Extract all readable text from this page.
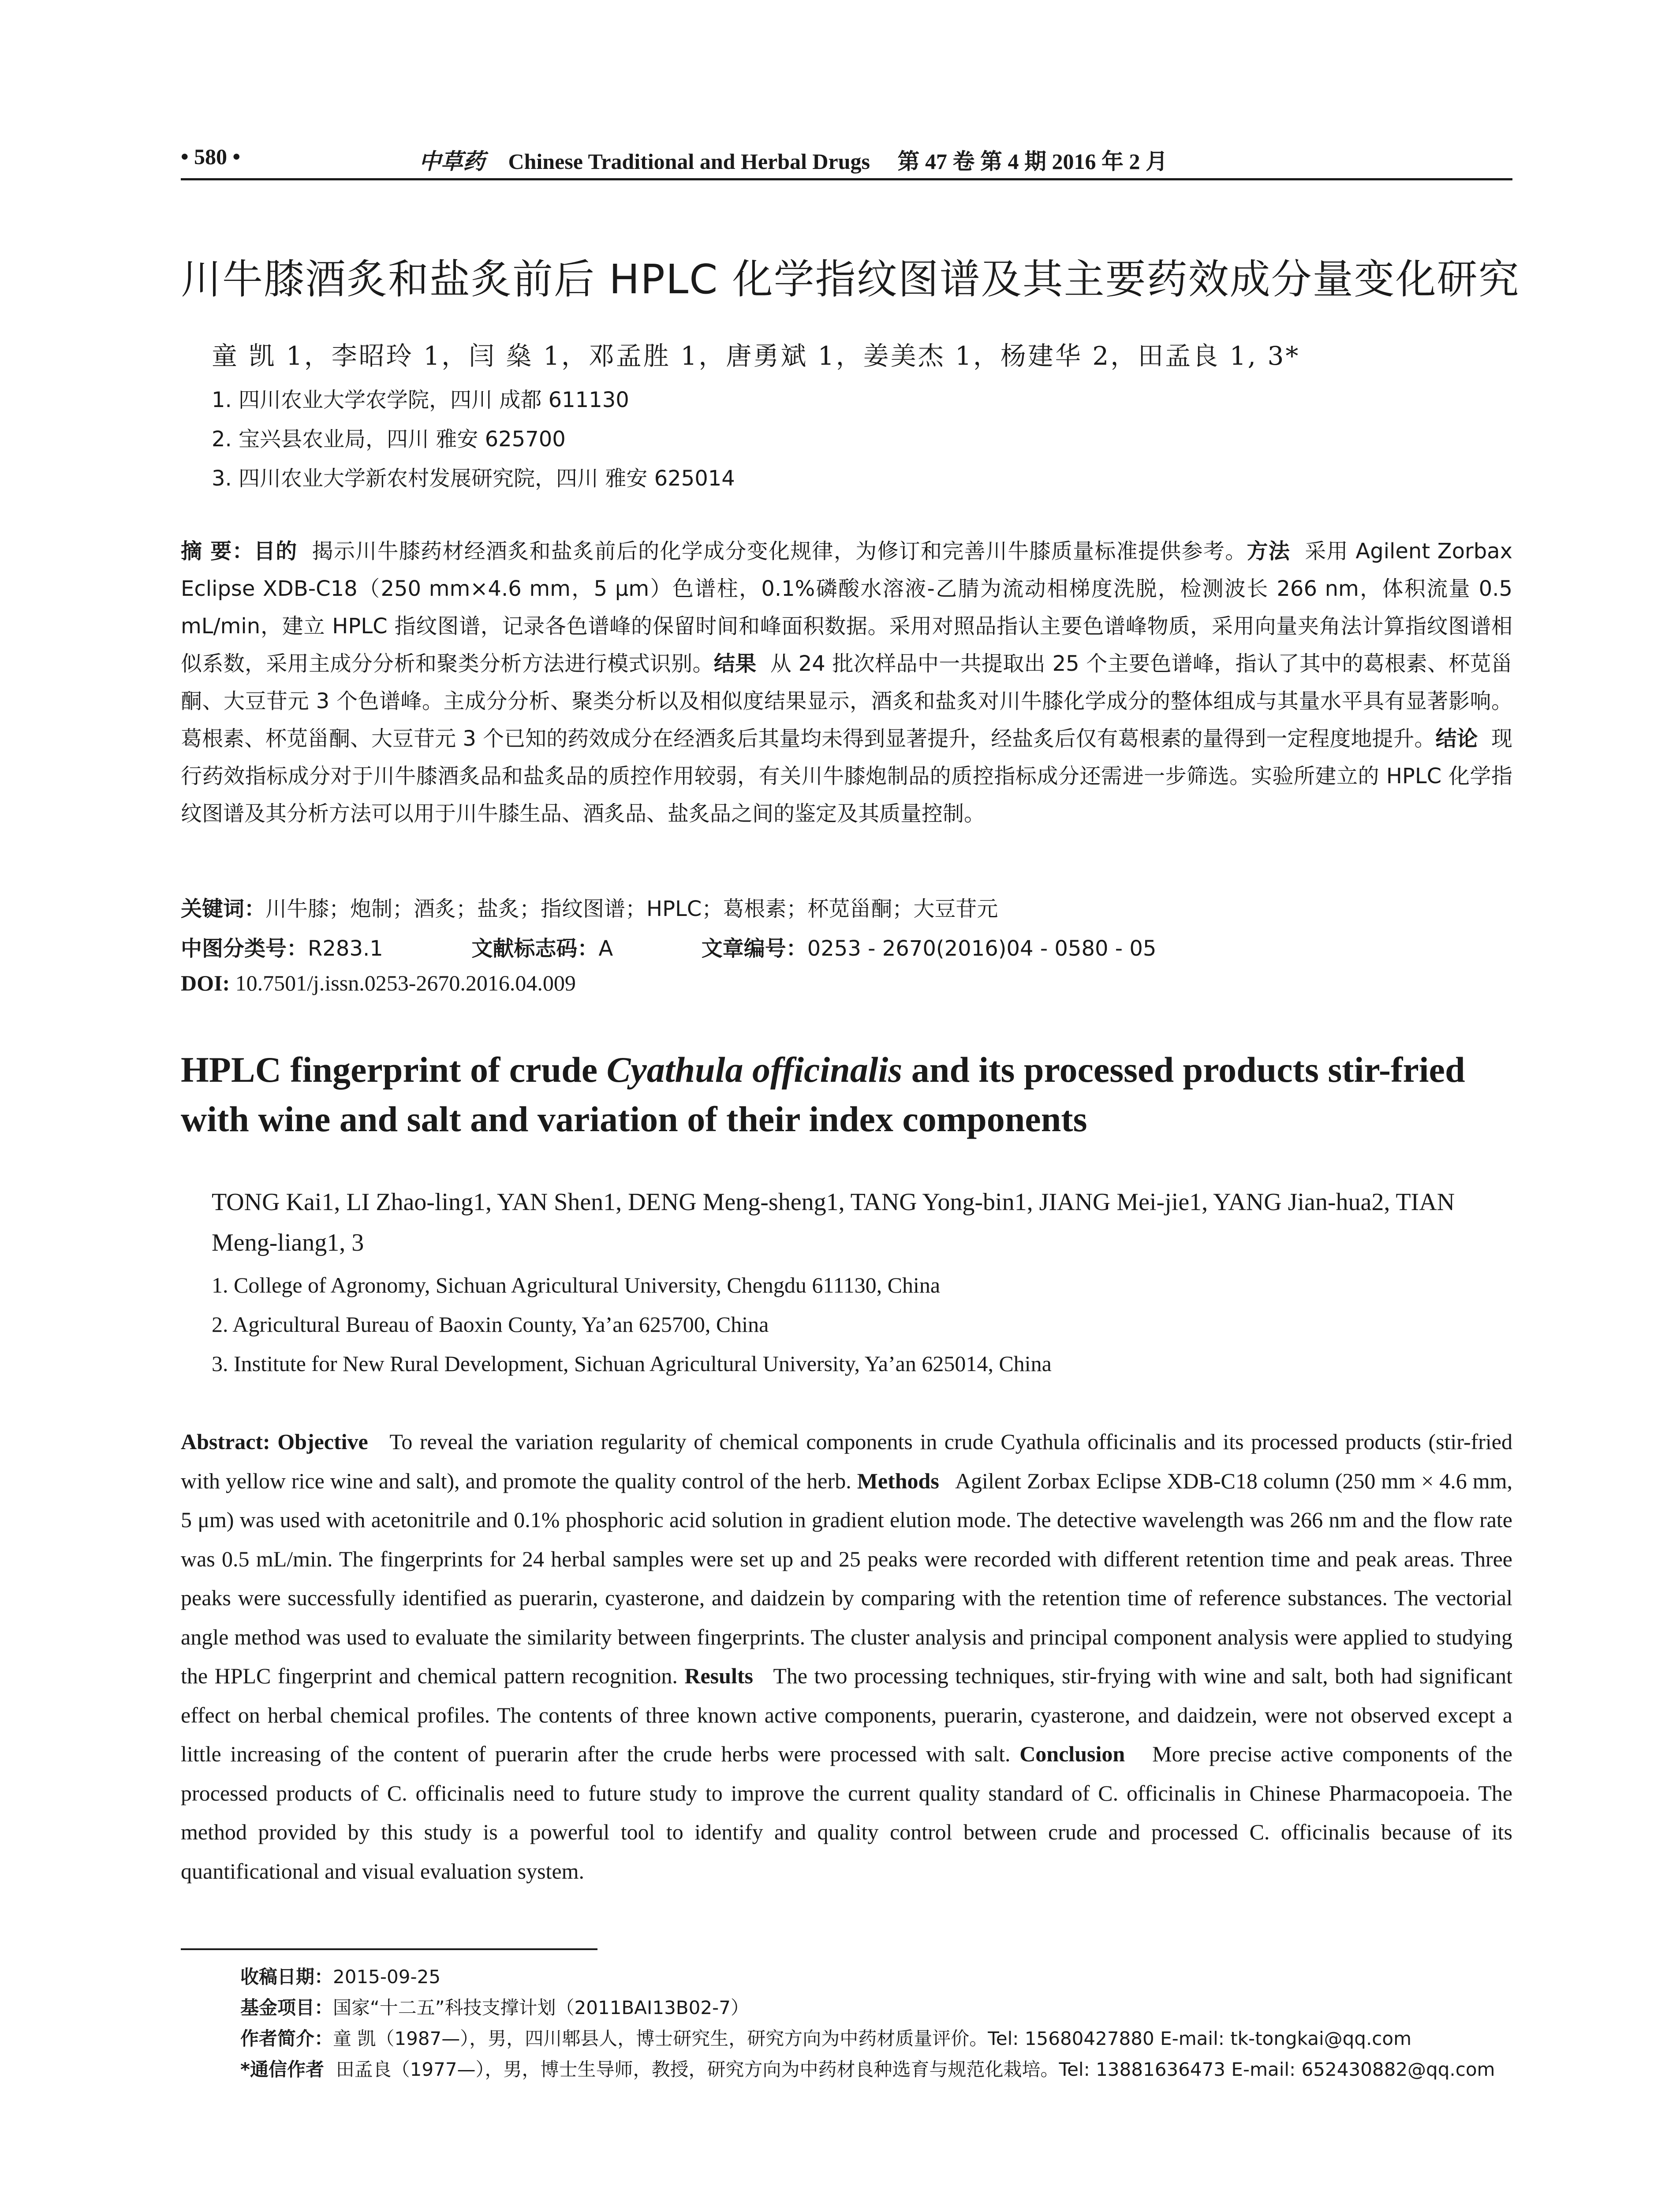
• 580 •	中草药 Chinese Traditional and Herbal Drugs 第 47 卷 第 4 期 2016 年 2 月
川牛膝酒炙和盐炙前后 HPLC 化学指纹图谱及其主要药效成分量变化研究
童 凯 1，李昭玲 1，闫 燊 1，邓孟胜 1，唐勇斌 1，姜美杰 1，杨建华 2，田孟良 1, 3*
1. 四川农业大学农学院，四川 成都 611130
2. 宝兴县农业局，四川 雅安 625700
3. 四川农业大学新农村发展研究院，四川 雅安 625014
摘 要：目的 揭示川牛膝药材经酒炙和盐炙前后的化学成分变化规律，为修订和完善川牛膝质量标准提供参考。方法 采用 Agilent Zorbax Eclipse XDB-C18（250 mm×4.6 mm，5 μm）色谱柱，0.1%磷酸水溶液-乙腈为流动相梯度洗脱，检测波长 266 nm，体积流量 0.5 mL/min，建立 HPLC 指纹图谱，记录各色谱峰的保留时间和峰面积数据。采用对照品指认主要色谱峰物质，采用向量夹角法计算指纹图谱相似系数，采用主成分分析和聚类分析方法进行模式识别。结果 从 24 批次样品中一共提取出 25 个主要色谱峰，指认了其中的葛根素、杯苋甾酮、大豆苷元 3 个色谱峰。主成分分析、聚类分析以及相似度结果显示，酒炙和盐炙对川牛膝化学成分的整体组成与其量水平具有显著影响。葛根素、杯苋甾酮、大豆苷元 3 个已知的药效成分在经酒炙后其量均未得到显著提升，经盐炙后仅有葛根素的量得到一定程度地提升。结论 现行药效指标成分对于川牛膝酒炙品和盐炙品的质控作用较弱，有关川牛膝炮制品的质控指标成分还需进一步筛选。实验所建立的 HPLC 化学指纹图谱及其分析方法可以用于川牛膝生品、酒炙品、盐炙品之间的鉴定及其质量控制。
关键词：川牛膝；炮制；酒炙；盐炙；指纹图谱；HPLC；葛根素；杯苋甾酮；大豆苷元
中图分类号：R283.1	文献标志码：A	文章编号：0253 - 2670(2016)04 - 0580 - 05
DOI: 10.7501/j.issn.0253-2670.2016.04.009
HPLC fingerprint of crude Cyathula officinalis and its processed products stir-fried with wine and salt and variation of their index components
TONG Kai1, LI Zhao-ling1, YAN Shen1, DENG Meng-sheng1, TANG Yong-bin1, JIANG Mei-jie1, YANG Jian-hua2, TIAN Meng-liang1, 3
1. College of Agronomy, Sichuan Agricultural University, Chengdu 611130, China
2. Agricultural Bureau of Baoxin County, Ya’an 625700, China
3. Institute for New Rural Development, Sichuan Agricultural University, Ya’an 625014, China
Abstract: Objective To reveal the variation regularity of chemical components in crude Cyathula officinalis and its processed products (stir-fried with yellow rice wine and salt), and promote the quality control of the herb. Methods Agilent Zorbax Eclipse XDB-C18 column (250 mm × 4.6 mm, 5 μm) was used with acetonitrile and 0.1% phosphoric acid solution in gradient elution mode. The detective wavelength was 266 nm and the flow rate was 0.5 mL/min. The fingerprints for 24 herbal samples were set up and 25 peaks were recorded with different retention time and peak areas. Three peaks were successfully identified as puerarin, cyasterone, and daidzein by comparing with the retention time of reference substances. The vectorial angle method was used to evaluate the similarity between fingerprints. The cluster analysis and principal component analysis were applied to studying the HPLC fingerprint and chemical pattern recognition. Results The two processing techniques, stir-frying with wine and salt, both had significant effect on herbal chemical profiles. The contents of three known active components, puerarin, cyasterone, and daidzein, were not observed except a little increasing of the content of puerarin after the crude herbs were processed with salt. Conclusion More precise active components of the processed products of C. officinalis need to future study to improve the current quality standard of C. officinalis in Chinese Pharmacopoeia. The method provided by this study is a powerful tool to identify and quality control between crude and processed C. officinalis because of its quantificational and visual evaluation system.
收稿日期：2015-09-25
基金项目：国家“十二五”科技支撑计划（2011BAI13B02-7）
作者简介：童 凯（1987—），男，四川郫县人，博士研究生，研究方向为中药材质量评价。Tel: 15680427880 E-mail: tk-tongkai@qq.com
*通信作者 田孟良（1977—），男，博士生导师，教授，研究方向为中药材良种选育与规范化栽培。Tel: 13881636473 E-mail: 652430882@qq.com
